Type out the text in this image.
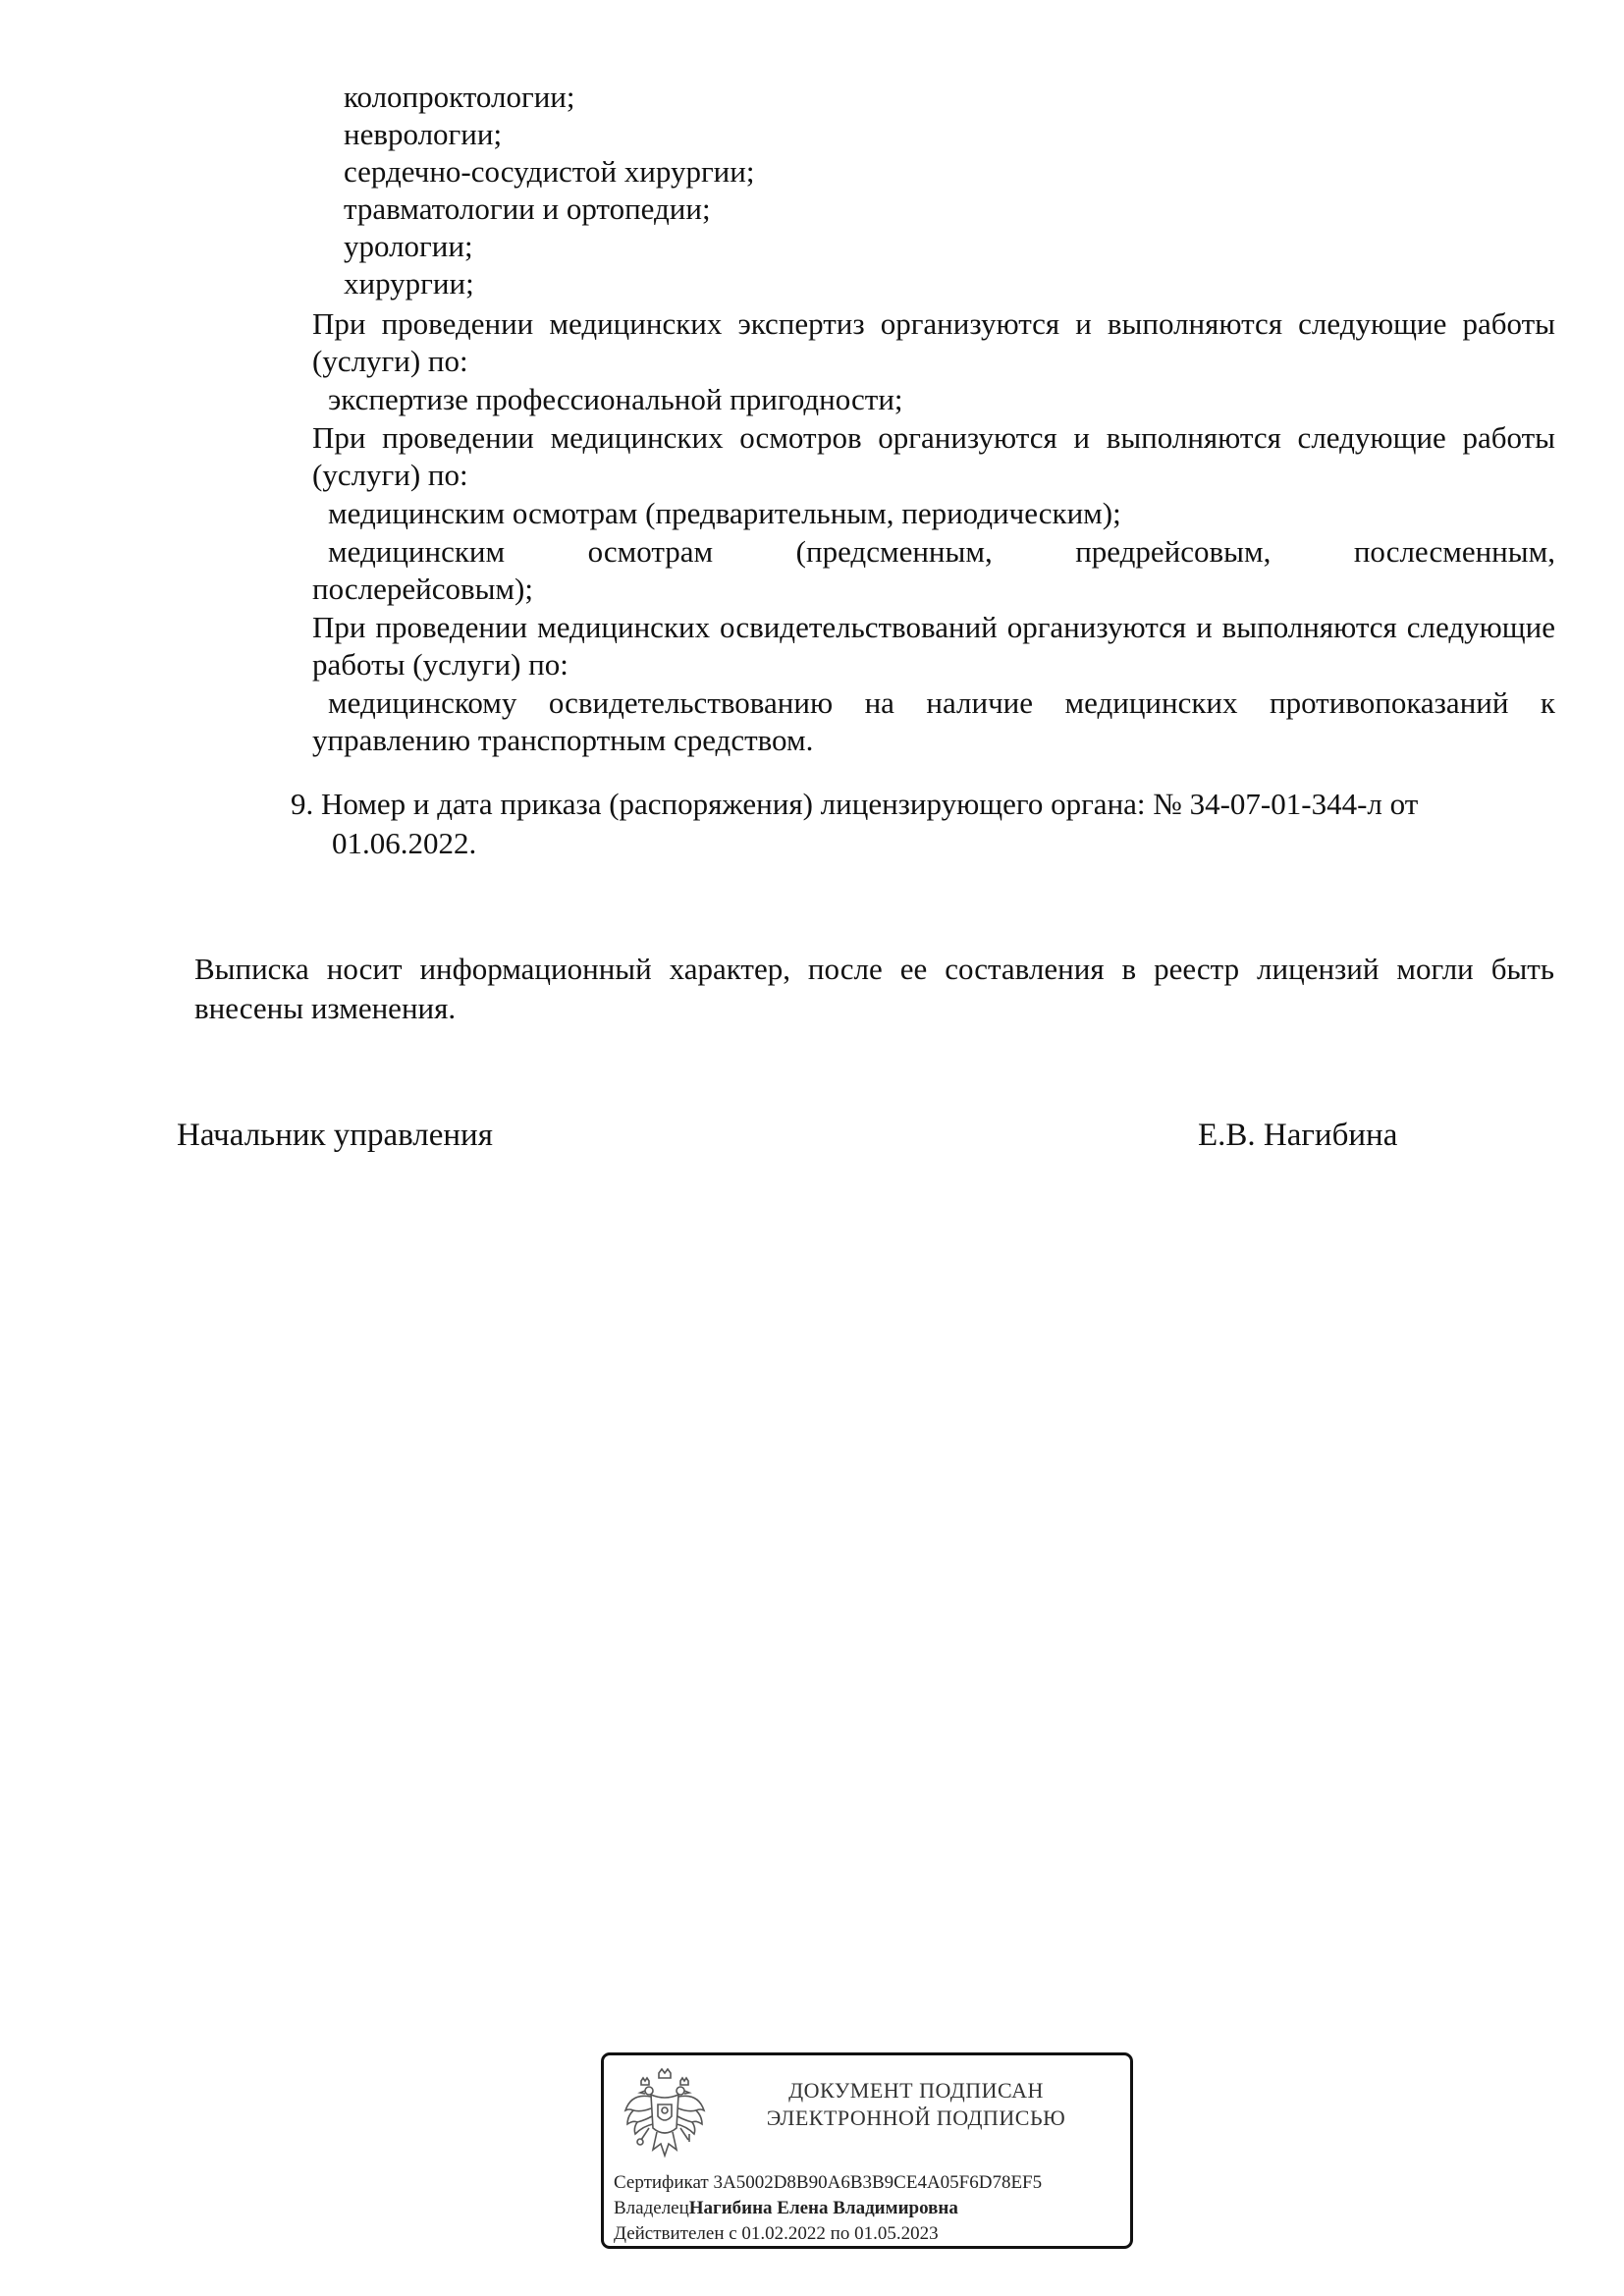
колопроктологии;
неврологии;
сердечно-сосудистой хирургии;
травматологии и ортопедии;
урологии;
хирургии;
При проведении медицинских экспертиз организуются и выполняются следующие работы (услуги) по:
экспертизе профессиональной пригодности;
При проведении медицинских осмотров организуются и выполняются следующие работы (услуги) по:
медицинским осмотрам (предварительным, периодическим);
медицинским	осмотрам	(предсменным,	предрейсовым,	послесменным,
послерейсовым);
При проведении медицинских освидетельствований организуются и выполняются следующие работы (услуги) по:
медицинскому освидетельствованию на наличие медицинских противопоказаний к управлению транспортным средством.
9. Номер и дата приказа (распоряжения) лицензирующего органа: № 34-07-01-344-л от
01.06.2022.
Выписка носит информационный характер, после ее составления в реестр лицензий могли быть внесены изменения.
Начальник управления	Е.В. Нагибина
ДОКУМЕНТ ПОДПИСАН
ЭЛЕКТРОННОЙ ПОДПИСЬЮ
Сертификат 3A5002D8B90A6B3B9CE4A05F6D78EF5
ВладелецНагибина Елена Владимировна
Действителен с 01.02.2022 по 01.05.2023
